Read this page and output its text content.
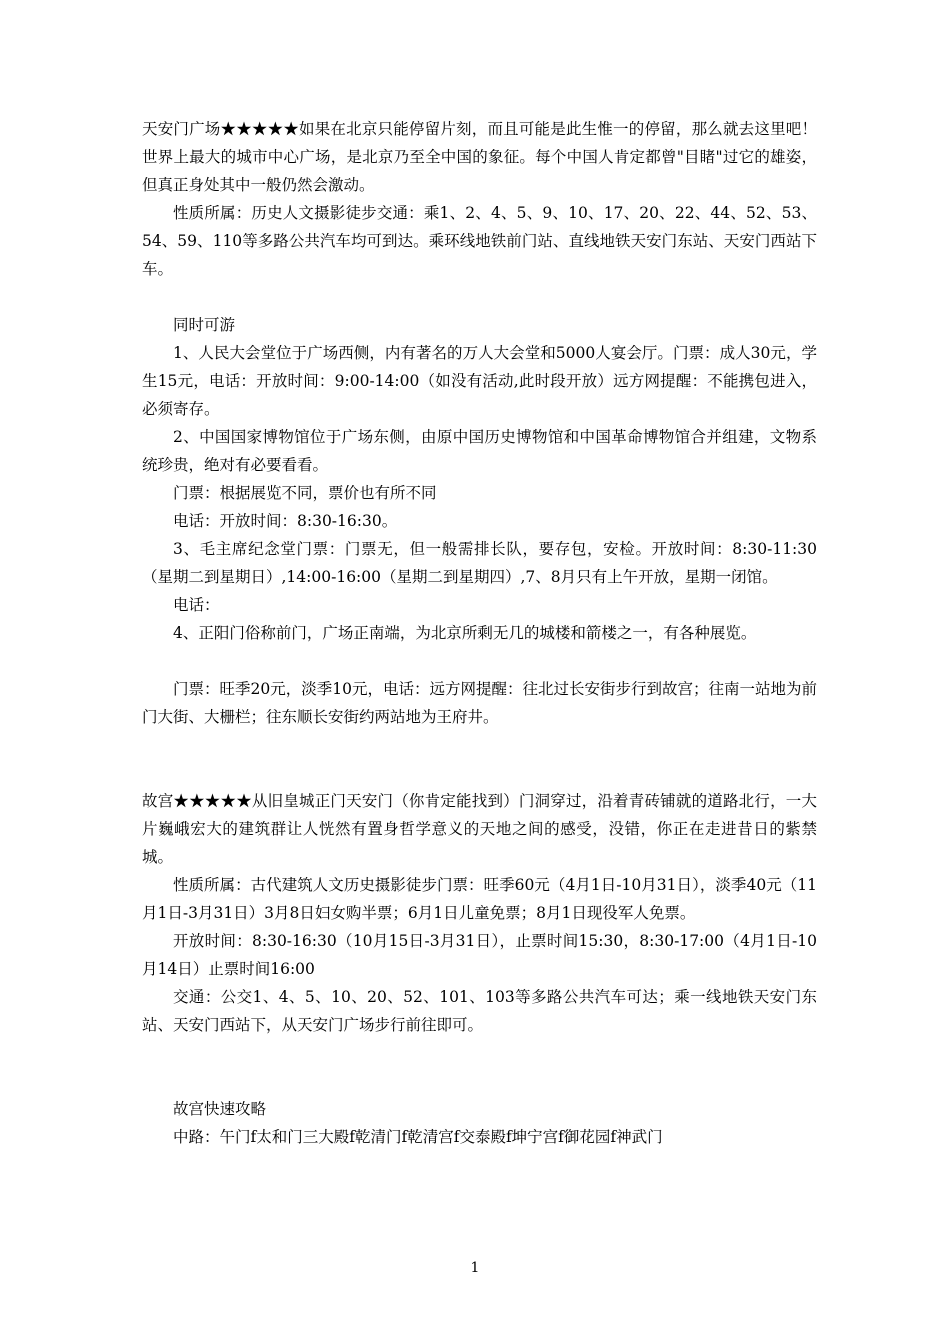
天安门广场★★★★★如果在北京只能停留片刻，而且可能是此生惟一的停留，那么就去这里吧！世界上最大的城市中心广场，是北京乃至全中国的象征。每个中国人肯定都曾"目睹"过它的雄姿，但真正身处其中一般仍然会激动。

性质所属：历史人文摄影徒步交通：乘1、2、4、5、9、10、17、20、22、44、52、53、54、59、110等多路公共汽车均可到达。乘环线地铁前门站、直线地铁天安门东站、天安门西站下车。

同时可游

1、人民大会堂位于广场西侧，内有著名的万人大会堂和5000人宴会厅。门票：成人30元，学生15元，电话：开放时间：9:00-14:00（如没有活动,此时段开放）远方网提醒：不能携包进入，必须寄存。

2、中国国家博物馆位于广场东侧，由原中国历史博物馆和中国革命博物馆合并组建，文物系统珍贵，绝对有必要看看。

门票：根据展览不同，票价也有所不同

电话：开放时间：8:30-16:30。

3、毛主席纪念堂门票：门票无，但一般需排长队，要存包，安检。开放时间：8:30-11:30（星期二到星期日）,14:00-16:00（星期二到星期四）,7、8月只有上午开放，星期一闭馆。

电话：

4、正阳门俗称前门，广场正南端，为北京所剩无几的城楼和箭楼之一，有各种展览。

门票：旺季20元，淡季10元，电话：远方网提醒：往北过长安街步行到故宫；往南一站地为前门大街、大栅栏；往东顺长安街约两站地为王府井。

故宫★★★★★从旧皇城正门天安门（你肯定能找到）门洞穿过，沿着青砖铺就的道路北行，一大片巍峨宏大的建筑群让人恍然有置身哲学意义的天地之间的感受，没错，你正在走进昔日的紫禁城。

性质所属：古代建筑人文历史摄影徒步门票：旺季60元（4月1日-10月31日），淡季40元（11月1日-3月31日）3月8日妇女购半票；6月1日儿童免票；8月1日现役军人免票。

开放时间：8:30-16:30（10月15日-3月31日），止票时间15:30，8:30-17:00（4月1日-10月14日）止票时间16:00

交通：公交1、4、5、10、20、52、101、103等多路公共汽车可达；乘一线地铁天安门东站、天安门西站下，从天安门广场步行前往即可。

故宫快速攻略

中路：午门f太和门三大殿f乾清门f乾清宫f交泰殿f坤宁宫f御花园f神武门

1
